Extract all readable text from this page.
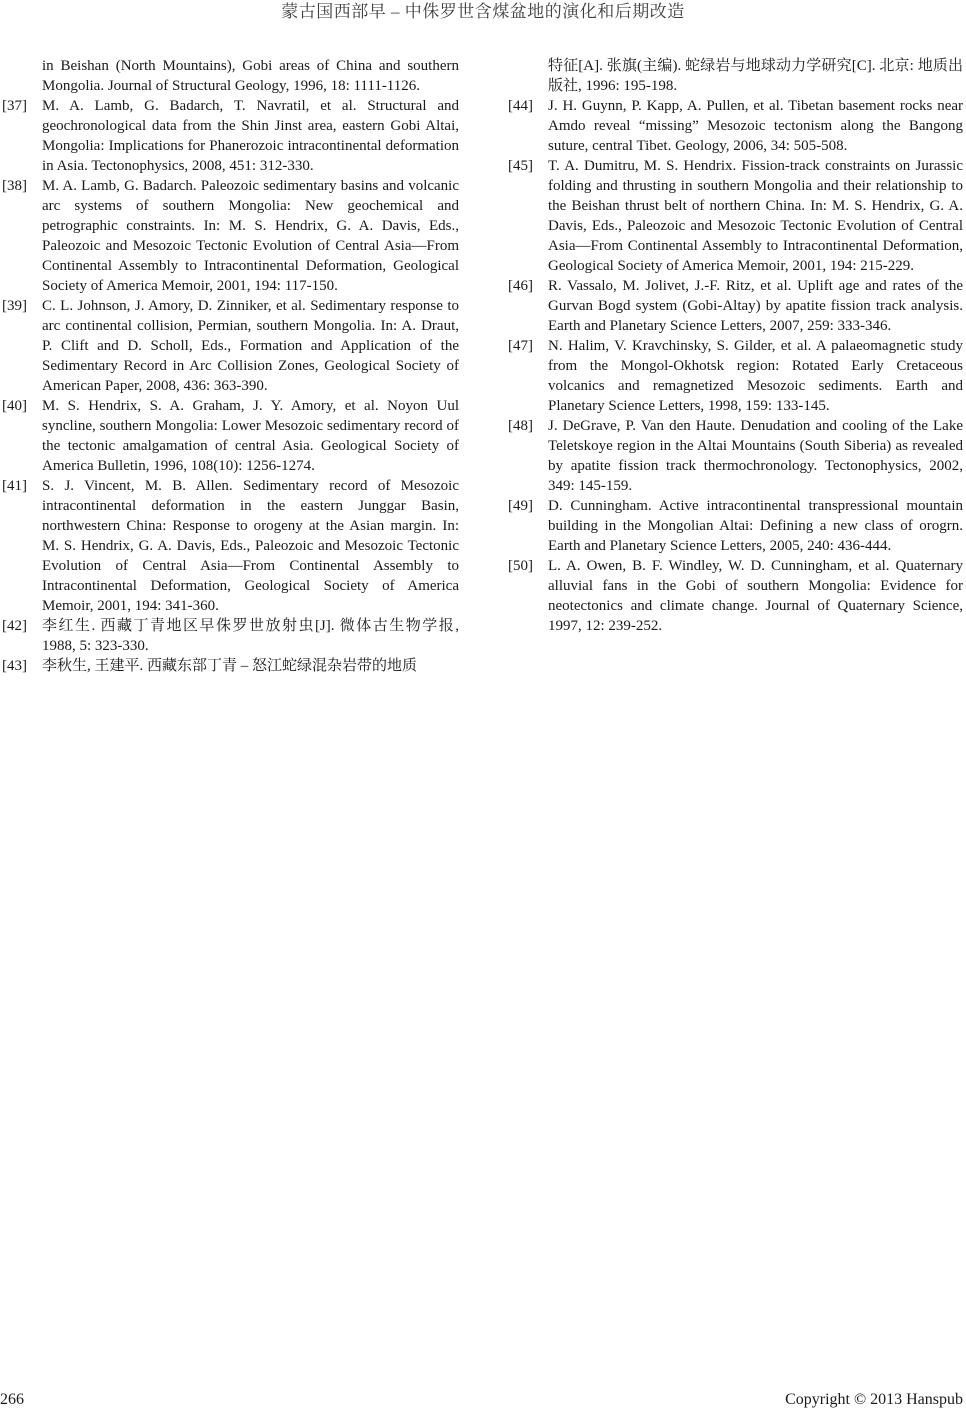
蒙古国西部早 – 中侏罗世含煤盆地的演化和后期改造
in Beishan (North Mountains), Gobi areas of China and southern Mongolia. Journal of Structural Geology, 1996, 18: 1111-1126.
[37]	M. A. Lamb, G. Badarch, T. Navratil, et al. Structural and geochronological data from the Shin Jinst area, eastern Gobi Altai, Mongolia: Implications for Phanerozoic intracontinental deformation in Asia. Tectonophysics, 2008, 451: 312-330.
[38]	M. A. Lamb, G. Badarch. Paleozoic sedimentary basins and volcanic arc systems of southern Mongolia: New geochemical and petrographic constraints. In: M. S. Hendrix, G. A. Davis, Eds., Paleozoic and Mesozoic Tectonic Evolution of Central Asia—From Continental Assembly to Intracontinental Deformation, Geological Society of America Memoir, 2001, 194: 117-150.
[39]	C. L. Johnson, J. Amory, D. Zinniker, et al. Sedimentary response to arc continental collision, Permian, southern Mongolia. In: A. Draut, P. Clift and D. Scholl, Eds., Formation and Application of the Sedimentary Record in Arc Collision Zones, Geological Society of American Paper, 2008, 436: 363-390.
[40]	M. S. Hendrix, S. A. Graham, J. Y. Amory, et al. Noyon Uul syncline, southern Mongolia: Lower Mesozoic sedimentary record of the tectonic amalgamation of central Asia. Geological Society of America Bulletin, 1996, 108(10): 1256-1274.
[41]	S. J. Vincent, M. B. Allen. Sedimentary record of Mesozoic intracontinental deformation in the eastern Junggar Basin, northwestern China: Response to orogeny at the Asian margin. In: M. S. Hendrix, G. A. Davis, Eds., Paleozoic and Mesozoic Tectonic Evolution of Central Asia—From Continental Assembly to Intracontinental Deformation, Geological Society of America Memoir, 2001, 194: 341-360.
[42]	李红生. 西藏丁青地区早侏罗世放射虫[J]. 微体古生物学报, 1988, 5: 323-330.
[43]	李秋生, 王建平. 西藏东部丁青 – 怒江蛇绿混杂岩带的地质
特征[A]. 张旗(主编). 蛇绿岩与地球动力学研究[C]. 北京: 地质出版社, 1996: 195-198.
[44]	J. H. Guynn, P. Kapp, A. Pullen, et al. Tibetan basement rocks near Amdo reveal “missing” Mesozoic tectonism along the Bangong suture, central Tibet. Geology, 2006, 34: 505-508.
[45]	T. A. Dumitru, M. S. Hendrix. Fission-track constraints on Jurassic folding and thrusting in southern Mongolia and their relationship to the Beishan thrust belt of northern China. In: M. S. Hendrix, G. A. Davis, Eds., Paleozoic and Mesozoic Tectonic Evolution of Central Asia—From Continental Assembly to Intracontinental Deformation, Geological Society of America Memoir, 2001, 194: 215-229.
[46]	R. Vassalo, M. Jolivet, J.-F. Ritz, et al. Uplift age and rates of the Gurvan Bogd system (Gobi-Altay) by apatite fission track analysis. Earth and Planetary Science Letters, 2007, 259: 333-346.
[47]	N. Halim, V. Kravchinsky, S. Gilder, et al. A palaeomagnetic study from the Mongol-Okhotsk region: Rotated Early Cretaceous volcanics and remagnetized Mesozoic sediments. Earth and Planetary Science Letters, 1998, 159: 133-145.
[48]	J. DeGrave, P. Van den Haute. Denudation and cooling of the Lake Teletskoye region in the Altai Mountains (South Siberia) as revealed by apatite fission track thermochronology. Tectonophysics, 2002, 349: 145-159.
[49]	D. Cunningham. Active intracontinental transpressional mountain building in the Mongolian Altai: Defining a new class of orogrn. Earth and Planetary Science Letters, 2005, 240: 436-444.
[50]	L. A. Owen, B. F. Windley, W. D. Cunningham, et al. Quaternary alluvial fans in the Gobi of southern Mongolia: Evidence for neotectonics and climate change. Journal of Quaternary Science, 1997, 12: 239-252.
266	Copyright © 2013 Hanspub
